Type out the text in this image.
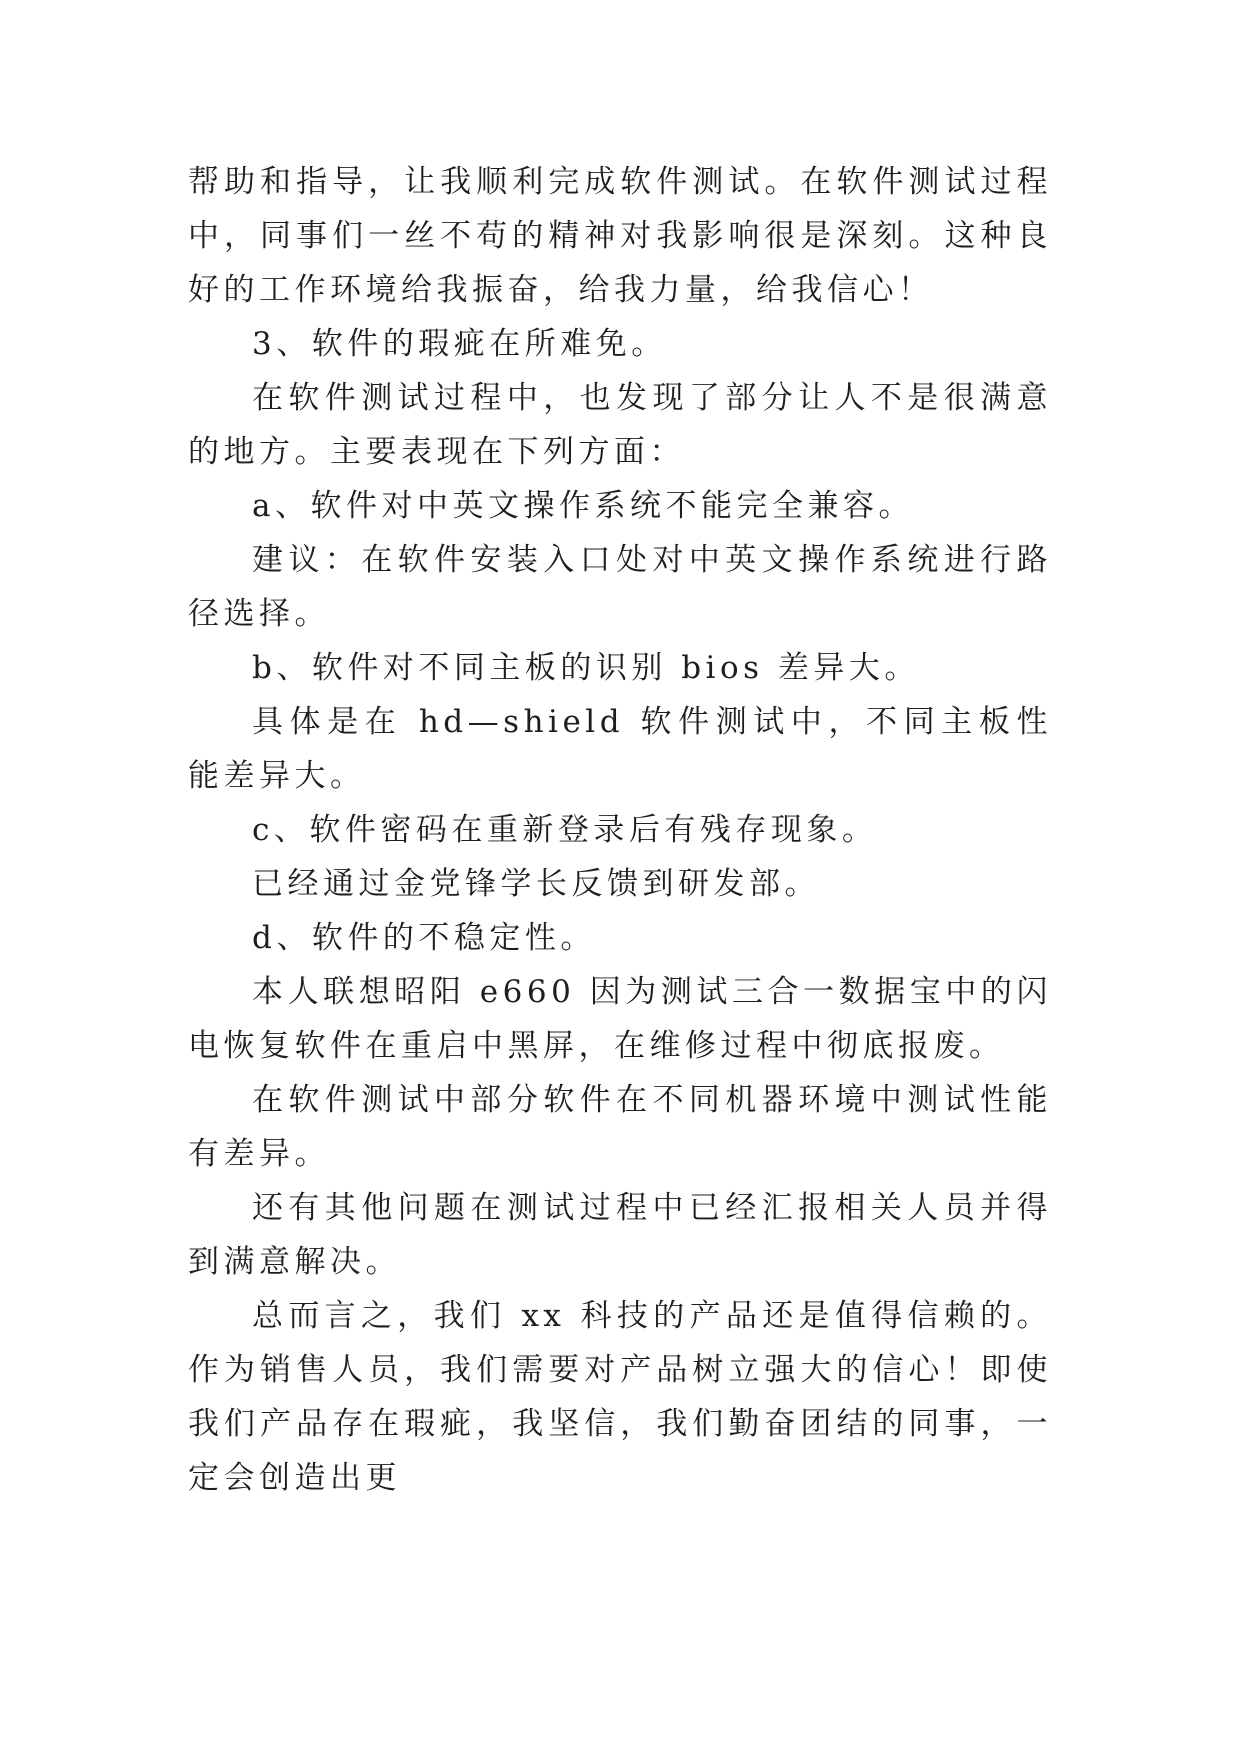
帮助和指导，让我顺利完成软件测试。在软件测试过程中，同事们一丝不苟的精神对我影响很是深刻。这种良好的工作环境给我振奋，给我力量，给我信心！

3、软件的瑕疵在所难免。

在软件测试过程中，也发现了部分让人不是很满意的地方。主要表现在下列方面：

a、软件对中英文操作系统不能完全兼容。

建议：在软件安装入口处对中英文操作系统进行路径选择。

b、软件对不同主板的识别 bios 差异大。

具体是在 hd—shield 软件测试中，不同主板性能差异大。

c、软件密码在重新登录后有残存现象。

已经通过金党锋学长反馈到研发部。

d、软件的不稳定性。

本人联想昭阳 e660 因为测试三合一数据宝中的闪电恢复软件在重启中黑屏，在维修过程中彻底报废。

在软件测试中部分软件在不同机器环境中测试性能有差异。

还有其他问题在测试过程中已经汇报相关人员并得到满意解决。

总而言之，我们 xx 科技的产品还是值得信赖的。作为销售人员，我们需要对产品树立强大的信心！即使我们产品存在瑕疵，我坚信，我们勤奋团结的同事，一定会创造出更
